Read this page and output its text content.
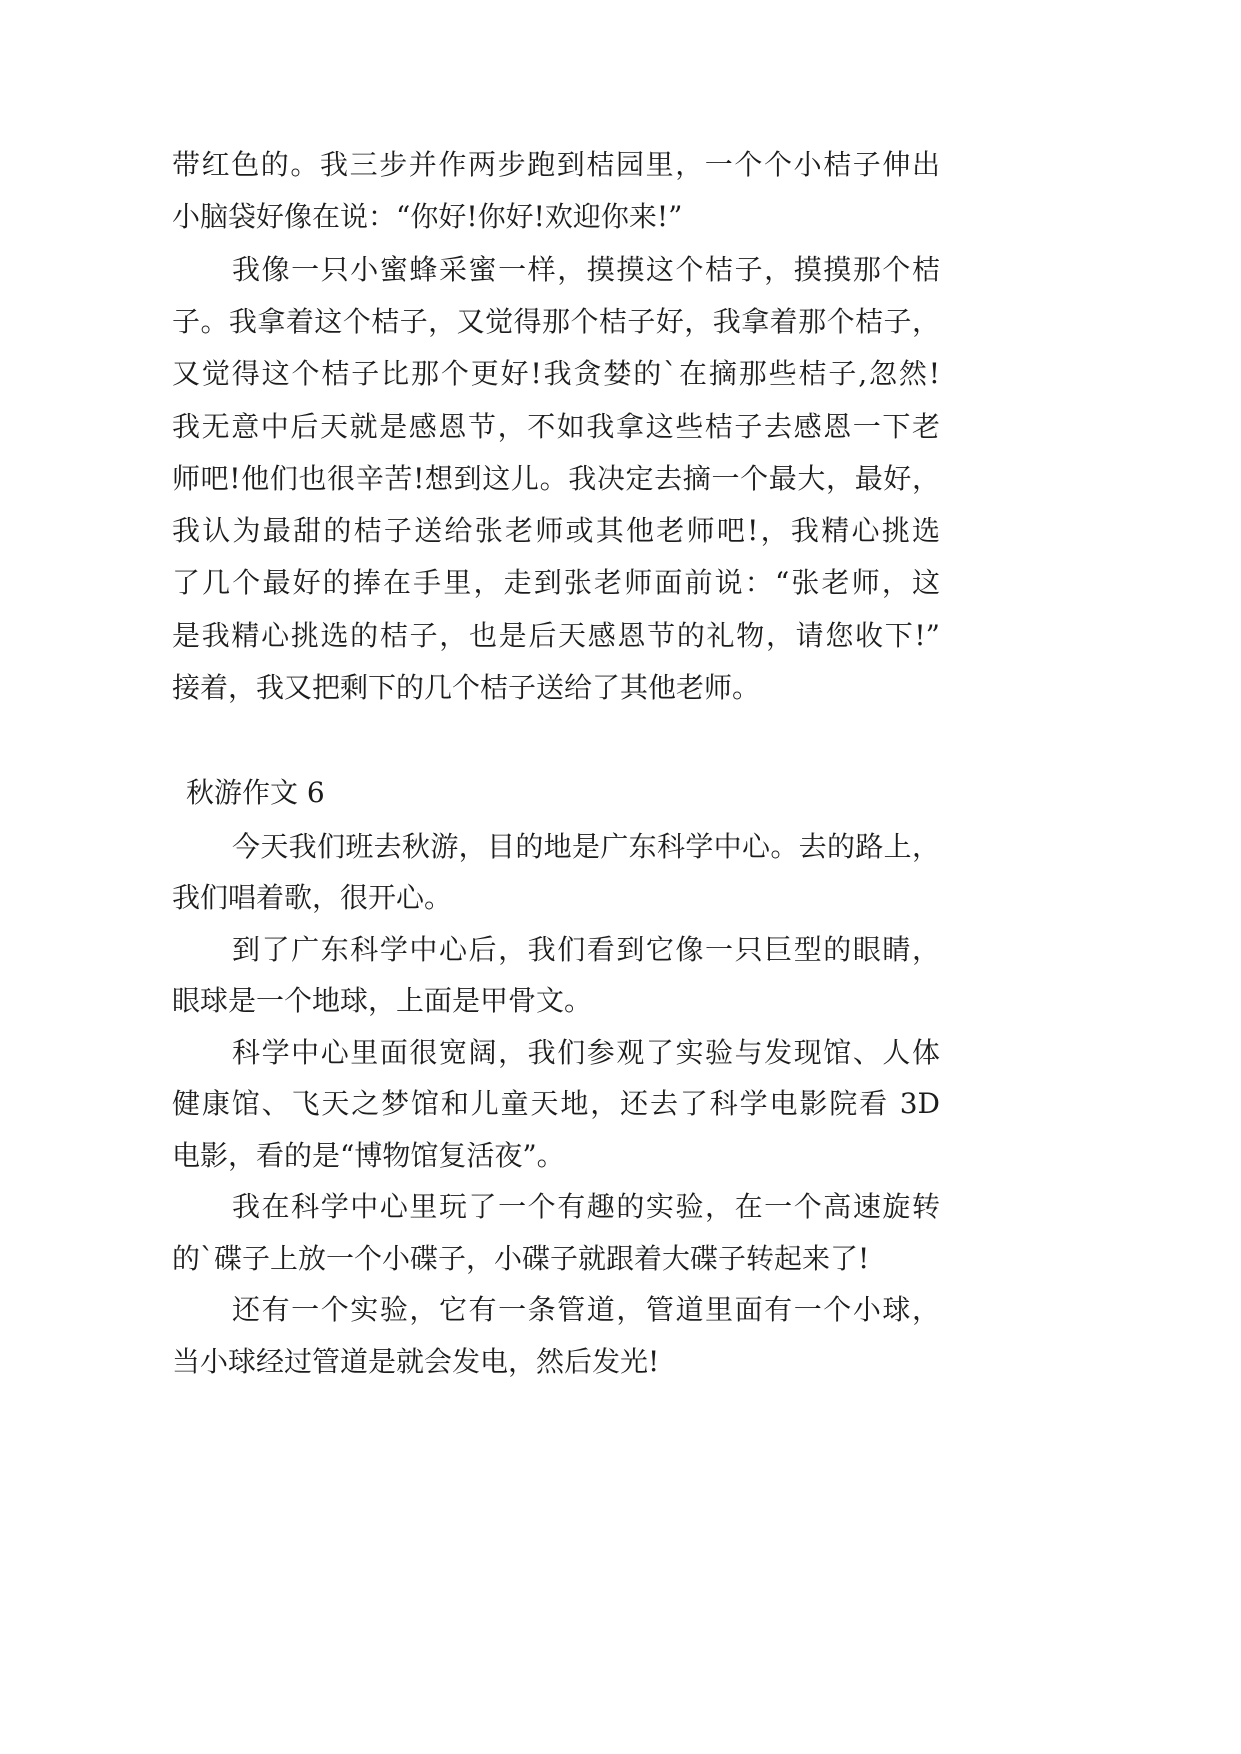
带红色的。我三步并作两步跑到桔园里，一个个小桔子伸出
小脑袋好像在说：“你好!你好!欢迎你来!”
我像一只小蜜蜂采蜜一样，摸摸这个桔子，摸摸那个桔
子。我拿着这个桔子，又觉得那个桔子好，我拿着那个桔子，
又觉得这个桔子比那个更好!我贪婪的`在摘那些桔子,忽然!
我无意中后天就是感恩节，不如我拿这些桔子去感恩一下老
师吧!他们也很辛苦!想到这儿。我决定去摘一个最大，最好，
我认为最甜的桔子送给张老师或其他老师吧!，我精心挑选
了几个最好的捧在手里，走到张老师面前说：“张老师，这
是我精心挑选的桔子，也是后天感恩节的礼物，请您收下!”
接着，我又把剩下的几个桔子送给了其他老师。
秋游作文 6
今天我们班去秋游，目的地是广东科学中心。去的路上，
我们唱着歌，很开心。
到了广东科学中心后，我们看到它像一只巨型的眼睛，
眼球是一个地球，上面是甲骨文。
科学中心里面很宽阔，我们参观了实验与发现馆、人体
健康馆、飞天之梦馆和儿童天地，还去了科学电影院看 3D
电影，看的是“博物馆复活夜”。
我在科学中心里玩了一个有趣的实验，在一个高速旋转
的`碟子上放一个小碟子，小碟子就跟着大碟子转起来了!
还有一个实验，它有一条管道，管道里面有一个小球，
当小球经过管道是就会发电，然后发光!
